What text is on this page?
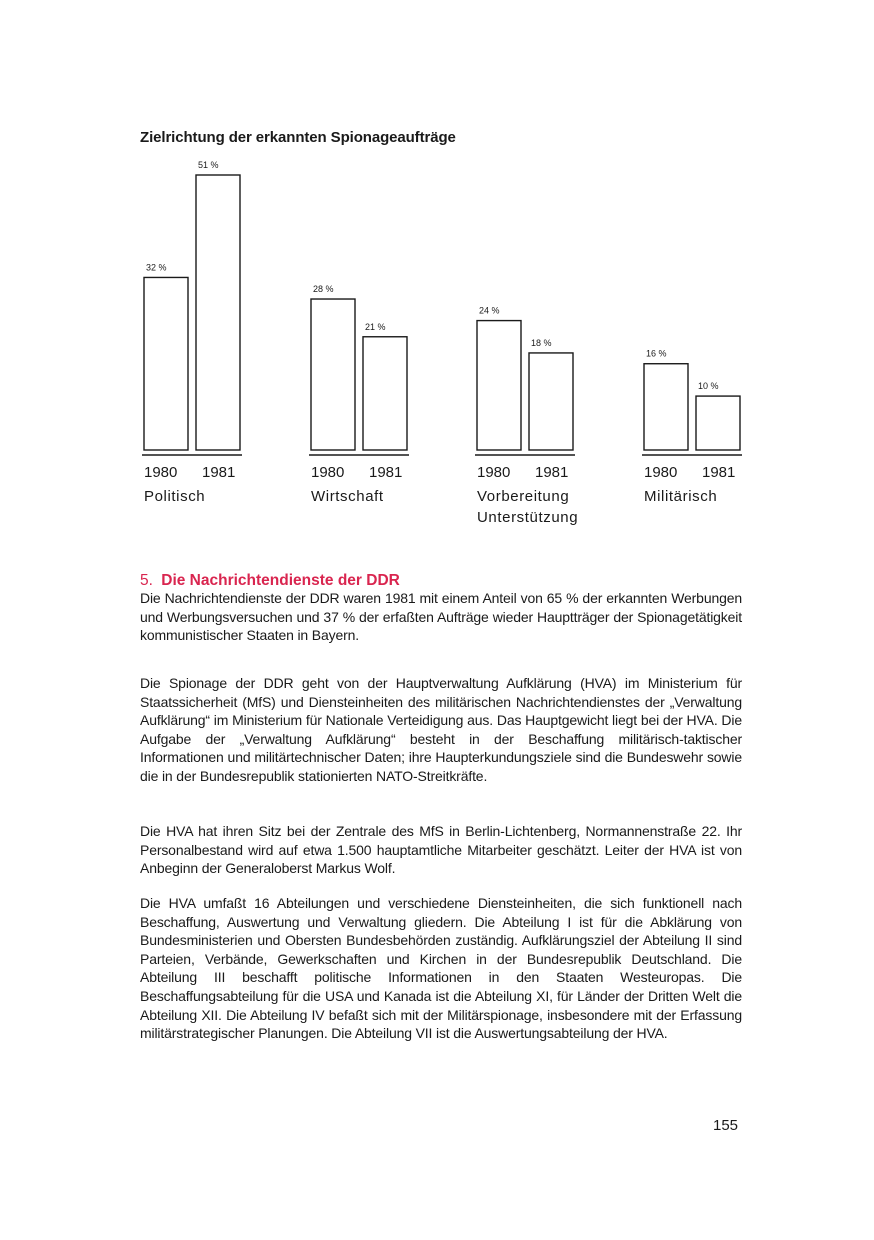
Zielrichtung der erkannten Spionageaufträge
32 %
1980
51 %
1981
Politisch
28 %
1980
21 %
1981
Wirtschaft
24 %
1980
18 %
1981
Vorbereitung
Unterstützung
16 %
1980
10 %
1981
Militärisch
5. Die Nachrichtendienste der DDR

Die Nachrichtendienste der DDR waren 1981 mit einem Anteil von 65 % der erkannten Werbungen und Werbungsversuchen und 37 % der erfaßten Aufträge wieder Hauptträger der Spionagetätigkeit kommunistischer Staaten in Bayern.

Die Spionage der DDR geht von der Hauptverwaltung Aufklärung (HVA) im Ministerium für Staatssicherheit (MfS) und Diensteinheiten des militärischen Nachrichtendienstes der „Verwaltung Aufklärung“ im Ministerium für Nationale Verteidigung aus. Das Hauptgewicht liegt bei der HVA. Die Aufgabe der „Verwaltung Aufklärung“ besteht in der Beschaffung militärisch-taktischer Informationen und militärtechnischer Daten; ihre Haupterkundungsziele sind die Bundeswehr sowie die in der Bundesrepublik stationierten NATO-Streitkräfte.

Die HVA hat ihren Sitz bei der Zentrale des MfS in Berlin-Lichtenberg, Normannenstraße 22. Ihr Personalbestand wird auf etwa 1.500 hauptamtliche Mitarbeiter geschätzt. Leiter der HVA ist von Anbeginn der Generaloberst Markus Wolf.

Die HVA umfaßt 16 Abteilungen und verschiedene Diensteinheiten, die sich funktionell nach Beschaffung, Auswertung und Verwaltung gliedern. Die Abteilung I ist für die Abklärung von Bundesministerien und Obersten Bundesbehörden zuständig. Aufklärungsziel der Abteilung II sind Parteien, Verbände, Gewerkschaften und Kirchen in der Bundesrepublik Deutschland. Die Abteilung III beschafft politische Informationen in den Staaten Westeuropas. Die Beschaffungsabteilung für die USA und Kanada ist die Abteilung XI, für Länder der Dritten Welt die Abteilung XII. Die Abteilung IV befaßt sich mit der Militärspionage, insbesondere mit der Erfassung militärstrategischer Planungen. Die Abteilung VII ist die Auswertungsabteilung der HVA.

155
